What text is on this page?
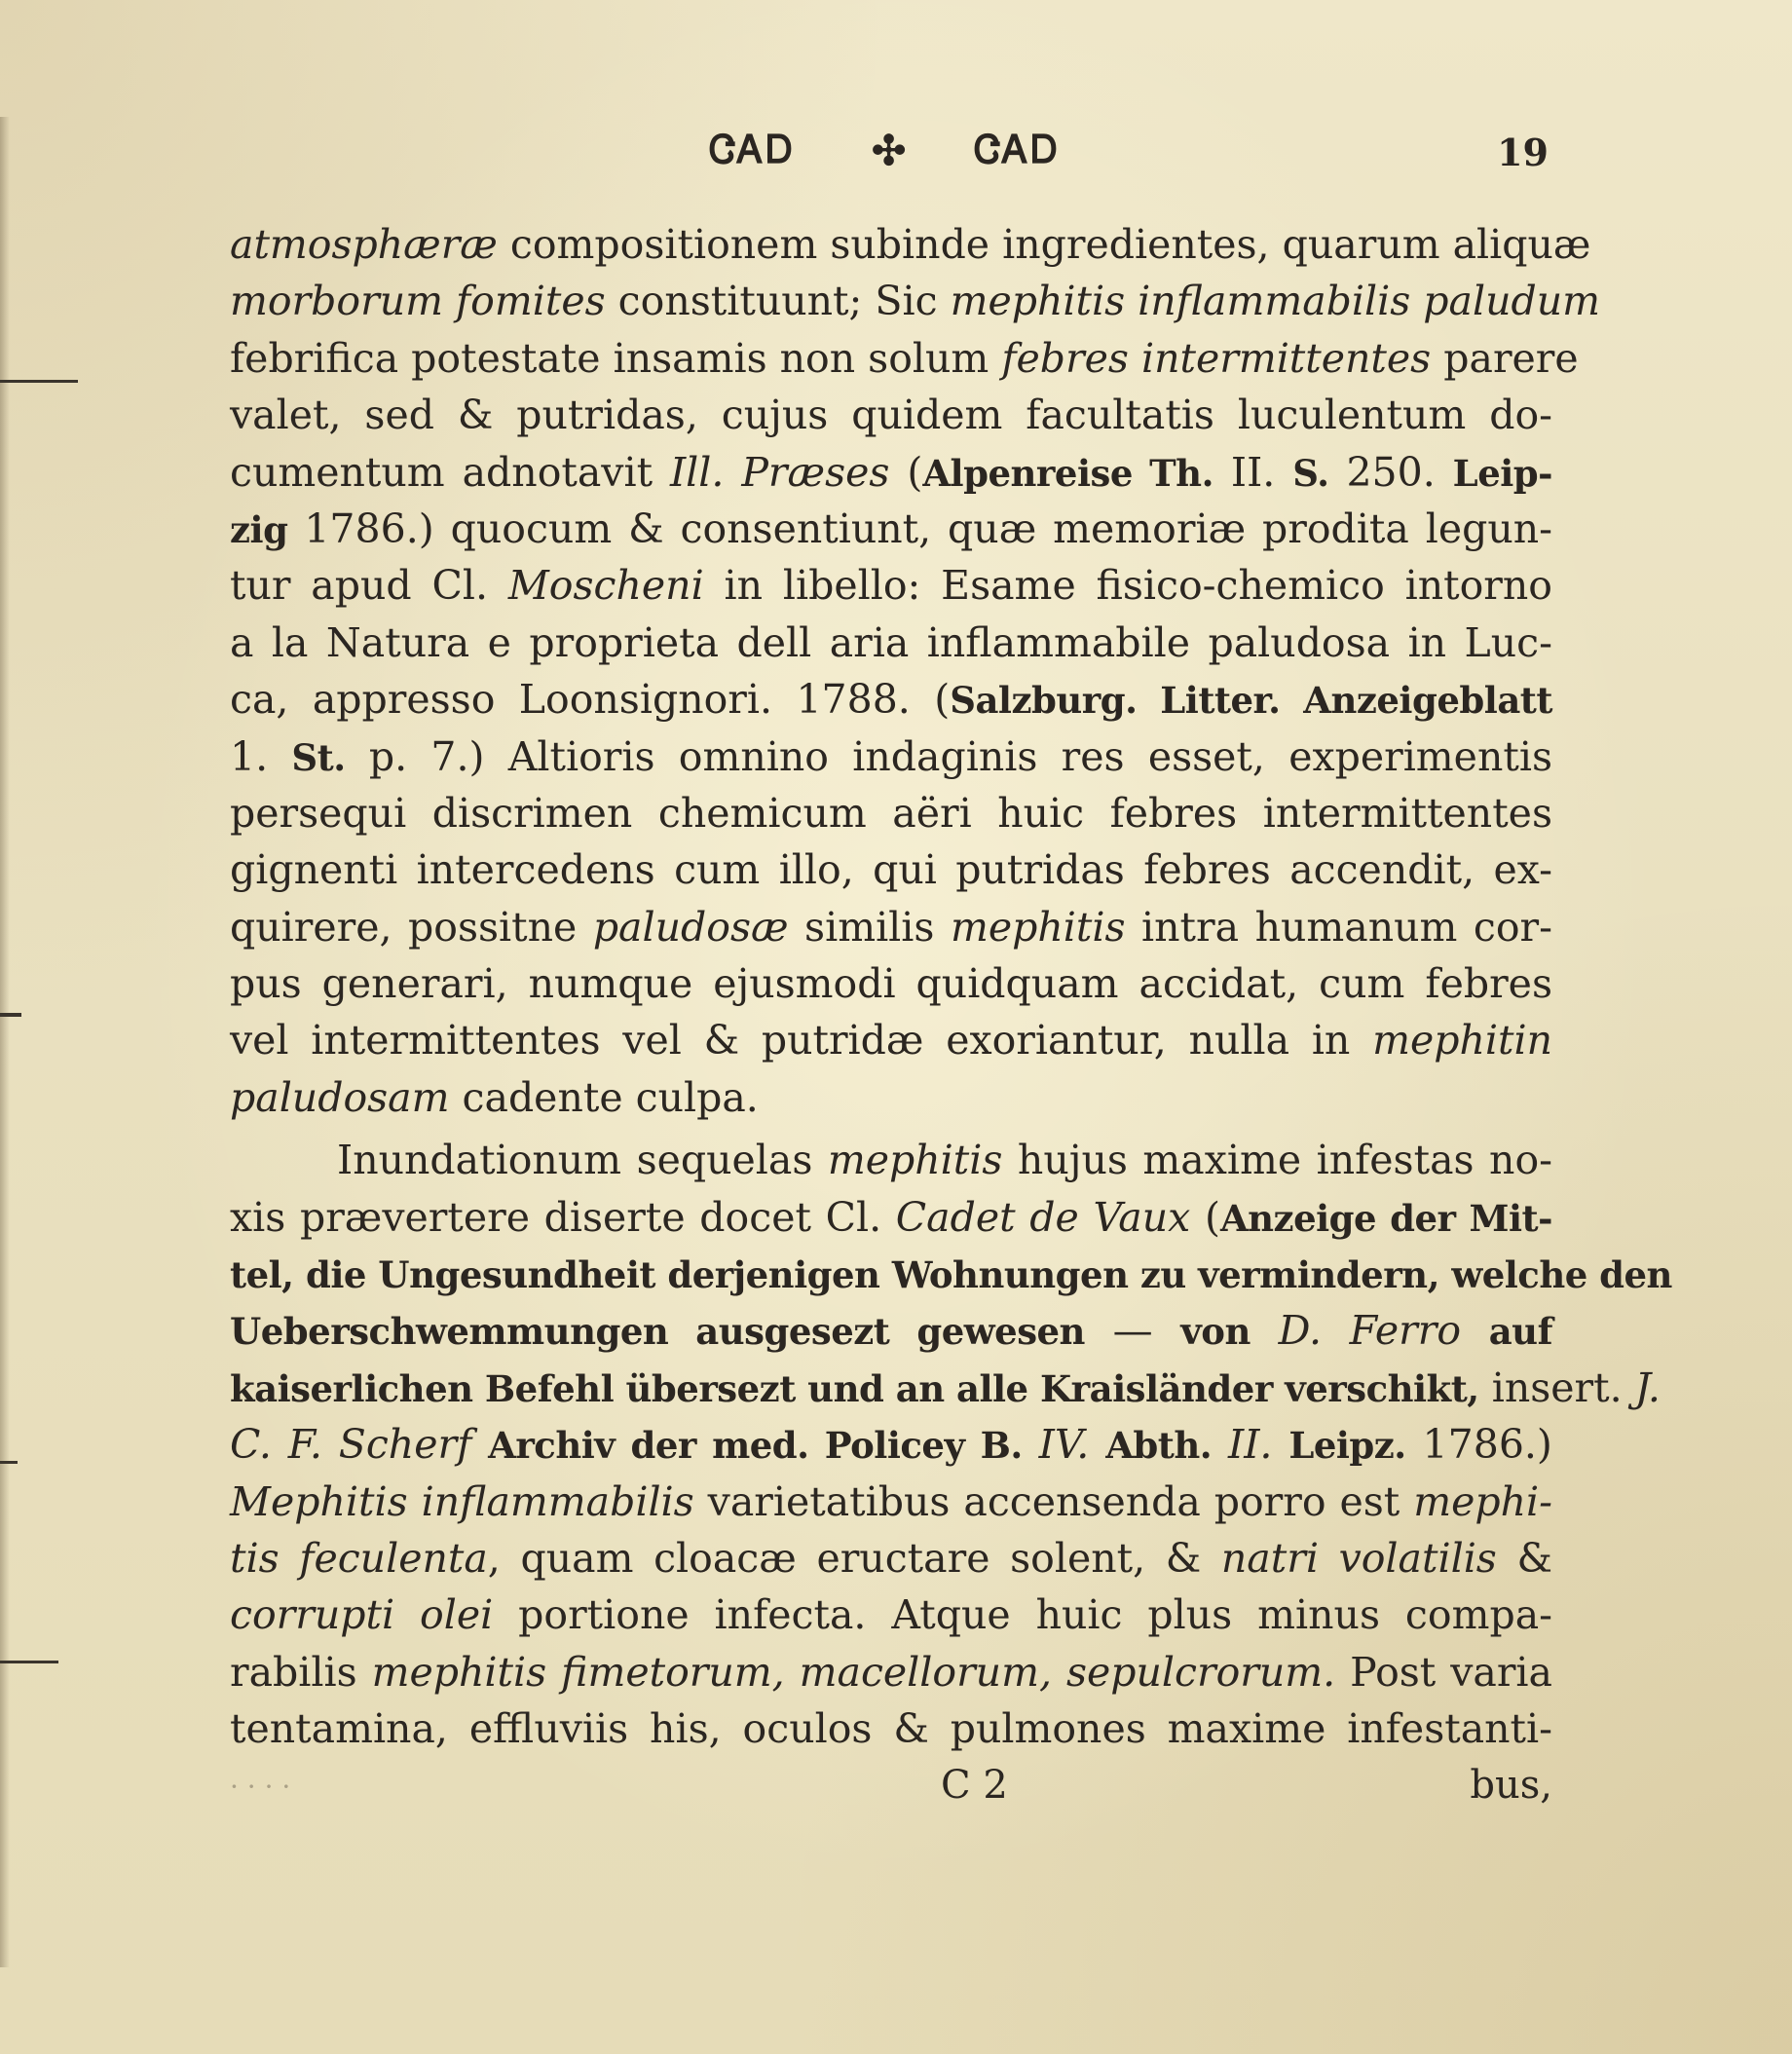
ᏣᎪᎠ ✣ ᏣᎪᎠ	19
atmosphæræ compositionem subinde ingredientes, quarum aliquæ
morborum fomites constituunt; Sic mephitis inflammabilis paludum
febrifica potestate insamis non solum febres intermittentes parere
valet, sed & putridas, cujus quidem facultatis luculentum do-
cumentum adnotavit Ill. Præses (Alpenreise Th. II. S. 250. Leip-
zig 1786.) quocum & consentiunt, quæ memoriæ prodita legun-
tur apud Cl. Moscheni in libello: Esame fisico-chemico intorno
a la Natura e proprieta dell aria inflammabile paludosa in Luc-
ca, appresso Loonsignori. 1788. (Salzburg. Litter. Anzeigeblatt
1. St. p. 7.) Altioris omnino indaginis res esset, experimentis
persequi discrimen chemicum aëri huic febres intermittentes
gignenti intercedens cum illo, qui putridas febres accendit, ex-
quirere, possitne paludosæ similis mephitis intra humanum cor-
pus generari, numque ejusmodi quidquam accidat, cum febres
vel intermittentes vel & putridæ exoriantur, nulla in mephitin
paludosam cadente culpa.
Inundationum sequelas mephitis hujus maxime infestas no-
xis prævertere diserte docet Cl. Cadet de Vaux (Anzeige der Mit-
tel, die Ungesundheit derjenigen Wohnungen zu vermindern, welche den
Ueberschwemmungen ausgesezt gewesen — von D. Ferro auf
kaiserlichen Befehl übersezt und an alle Kraisländer verschikt, insert. J.
C. F. Scherf Archiv der med. Policey B. IV. Abth. II. Leipz. 1786.)
Mephitis inflammabilis varietatibus accensenda porro est mephi-
tis feculenta, quam cloacæ eructare solent, & natri volatilis &
corrupti olei portione infecta. Atque huic plus minus compa-
rabilis mephitis fimetorum, macellorum, sepulcrorum. Post varia
tentamina, effluviis his, oculos & pulmones maxime infestanti-
· · · ·	C 2	bus,
